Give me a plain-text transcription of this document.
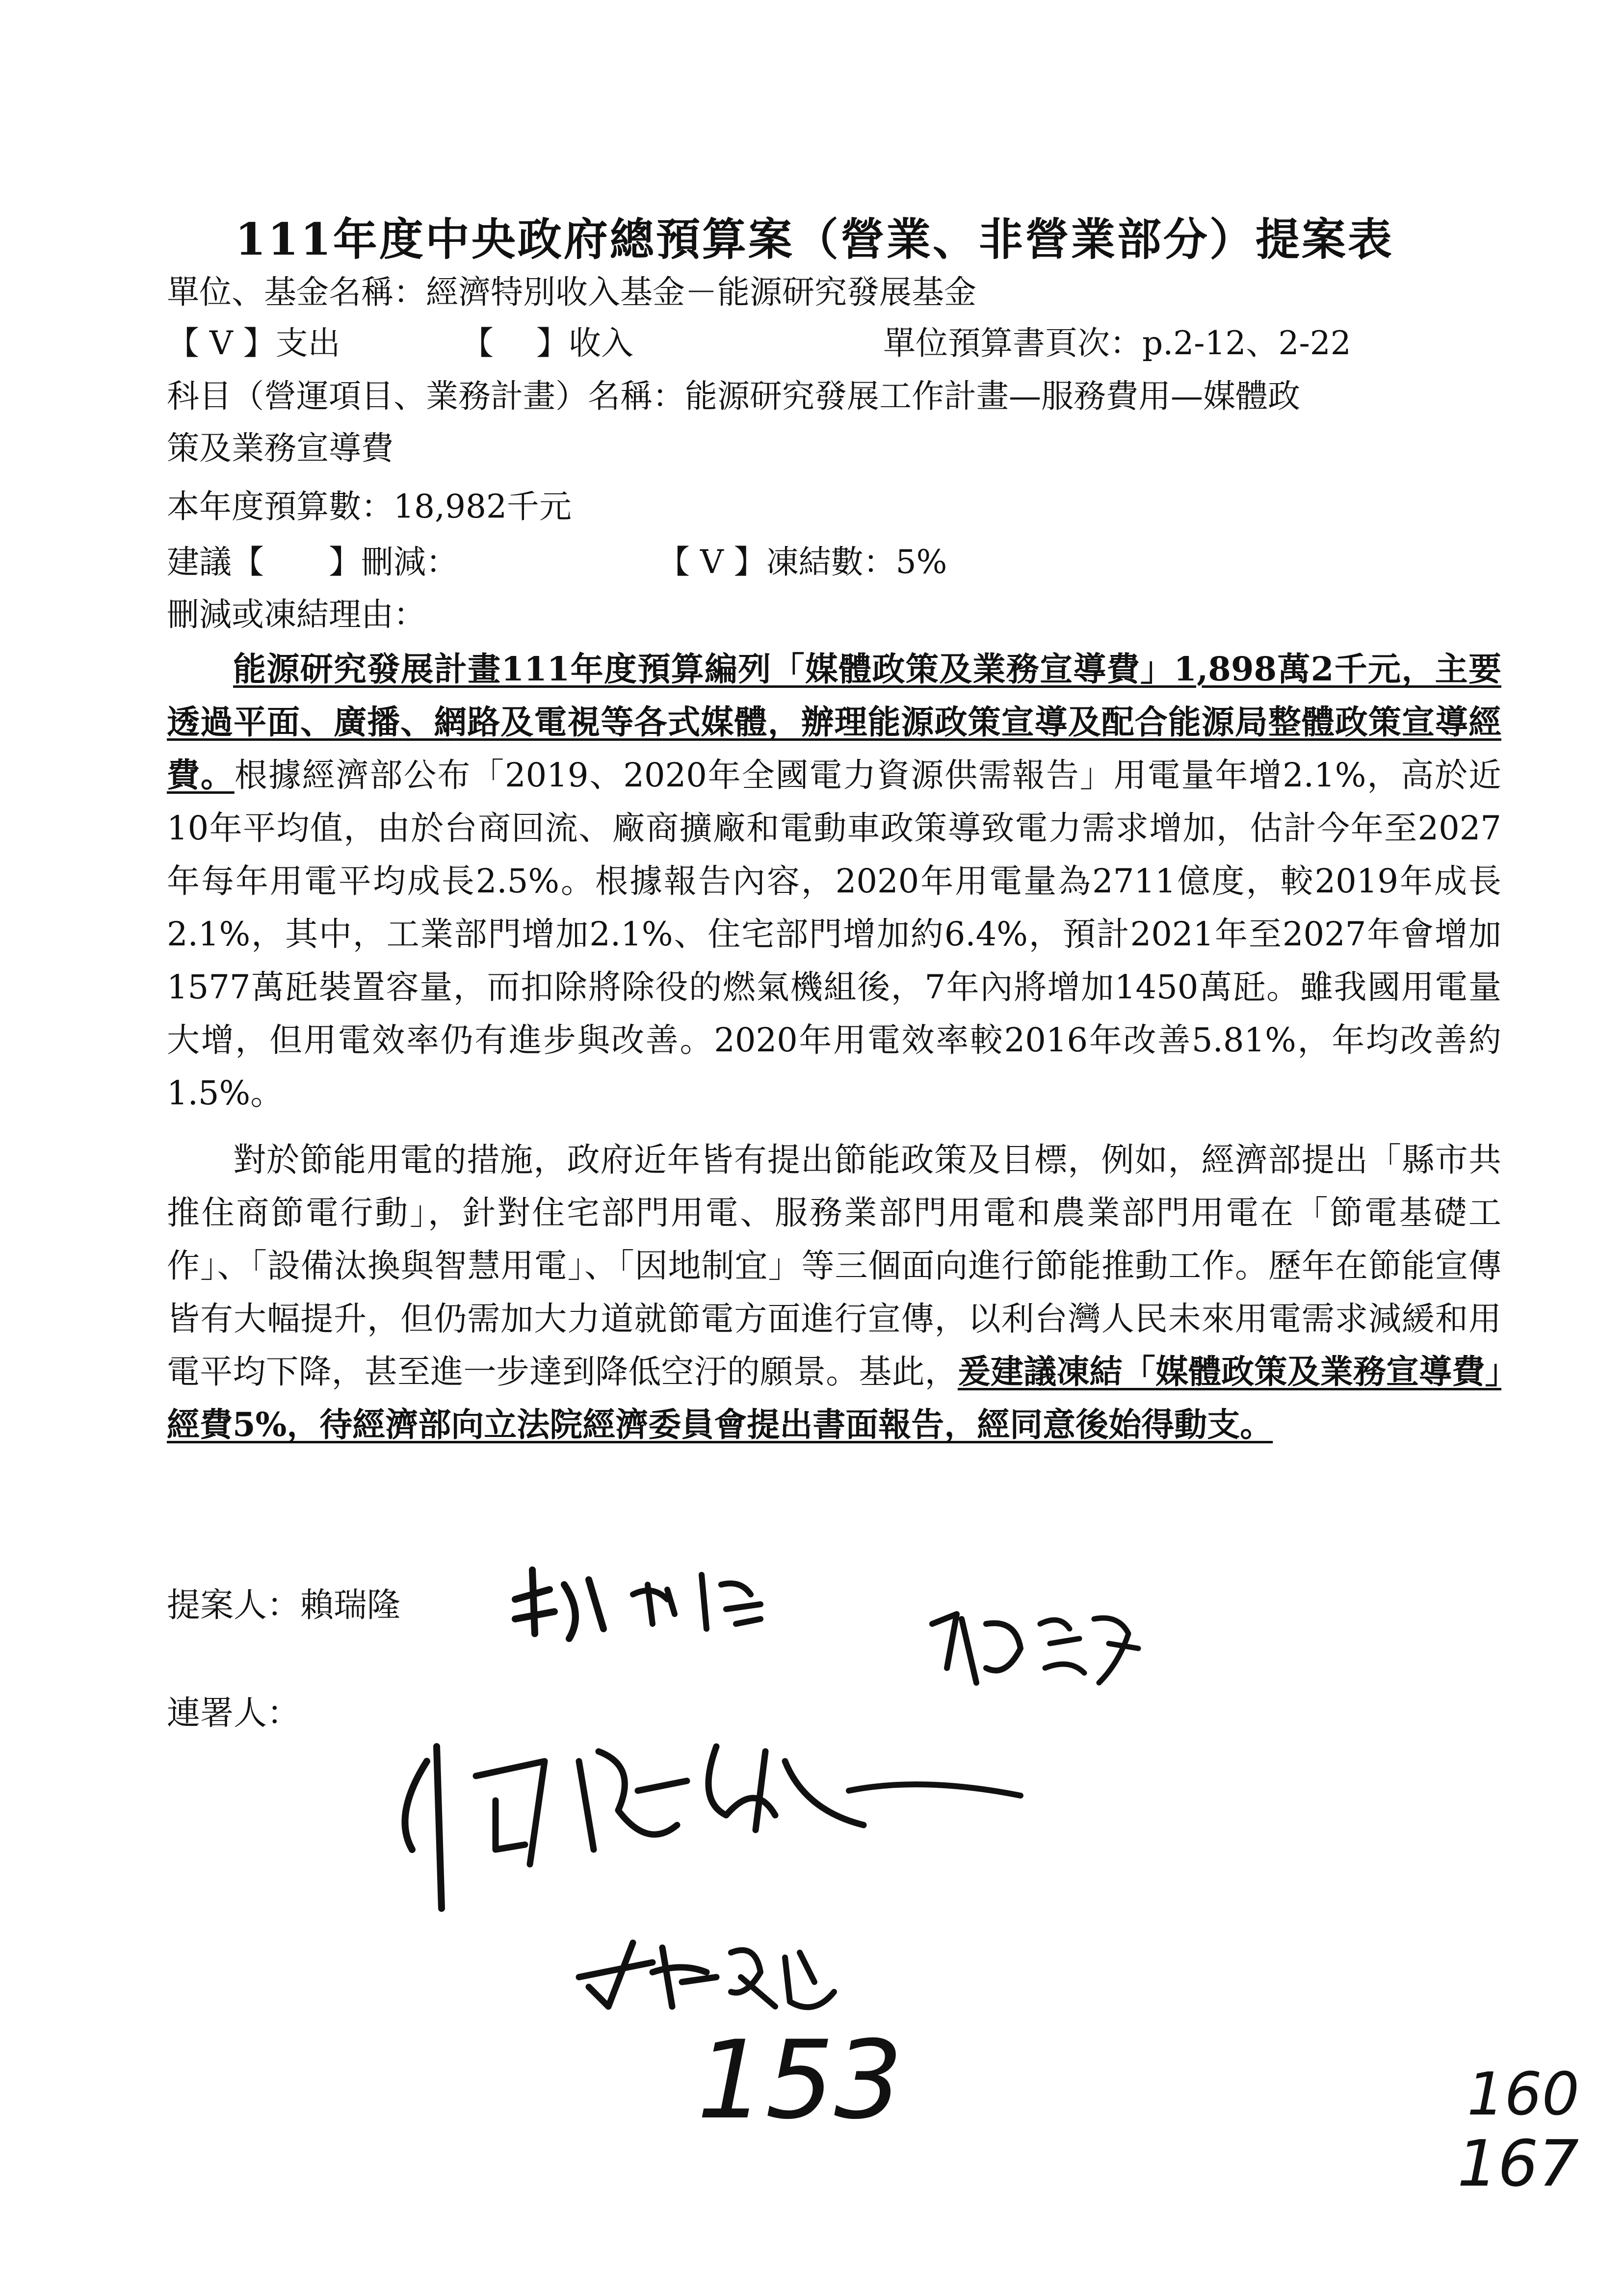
111年度中央政府總預算案（營業、非營業部分）提案表
單位、基金名稱：經濟特別收入基金－能源研究發展基金
【 V 】支出	【　 】收入	單位預算書頁次：p.2-12、2-22
科目（營運項目、業務計畫）名稱：能源研究發展工作計畫—服務費用—媒體政
策及業務宣導費
本年度預算數：18,982千元
建議【　　】刪減：	【 V 】凍結數：5%
刪減或凍結理由：
能源研究發展計畫111年度預算編列「媒體政策及業務宣導費」1,898萬2千元，主要透過平面、廣播、網路及電視等各式媒體，辦理能源政策宣導及配合能源局整體政策宣導經費。根據經濟部公布「2019、2020年全國電力資源供需報告」用電量年增2.1%，高於近10年平均值，由於台商回流、廠商擴廠和電動車政策導致電力需求增加，估計今年至2027年每年用電平均成長2.5%。根據報告內容，2020年用電量為2711億度，較2019年成長2.1%，其中，工業部門增加2.1%、住宅部門增加約6.4%，預計2021年至2027年會增加1577萬瓩裝置容量，而扣除將除役的燃氣機組後，7年內將增加1450萬瓩。雖我國用電量大增，但用電效率仍有進步與改善。2020年用電效率較2016年改善5.81%，年均改善約1.5%。
對於節能用電的措施，政府近年皆有提出節能政策及目標，例如，經濟部提出「縣市共推住商節電行動」，針對住宅部門用電、服務業部門用電和農業部門用電在「節電基礎工作」、「設備汰換與智慧用電」、「因地制宜」等三個面向進行節能推動工作。歷年在節能宣傳皆有大幅提升，但仍需加大力道就節電方面進行宣傳，以利台灣人民未來用電需求減緩和用電平均下降，甚至進一步達到降低空汙的願景。基此，爰建議凍結「媒體政策及業務宣導費」經費5%，待經濟部向立法院經濟委員會提出書面報告，經同意後始得動支。
提案人：賴瑞隆
連署人：
153	160
167
